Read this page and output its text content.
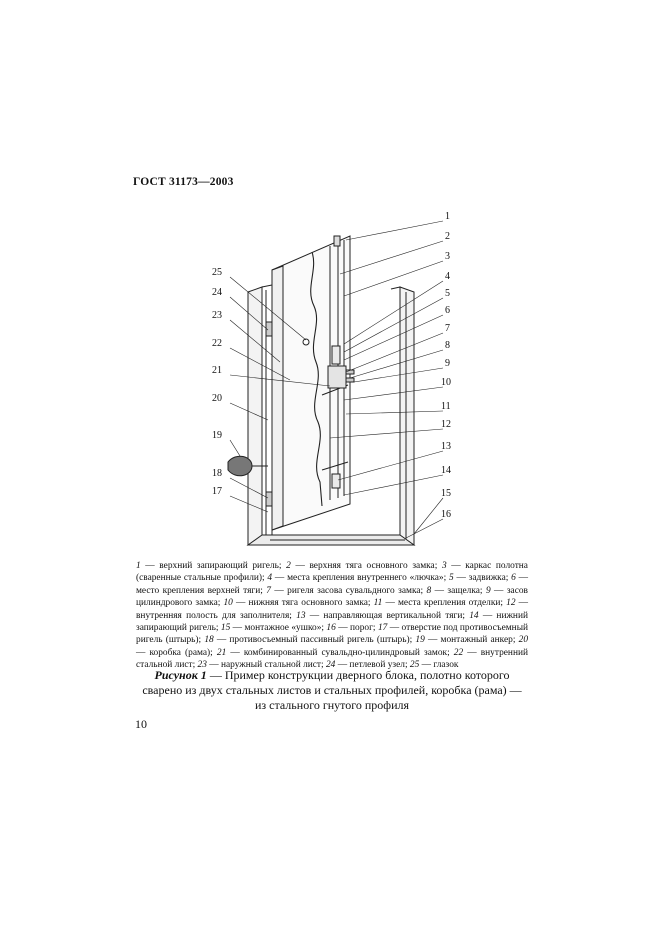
ГОСТ 31173—2003
1
2
3
4
5
6
7
8
9
10
11
12
13
14
15
16
25
24
23
22
21
20
19
18
17
1 — верхний запирающий ригель; 2 — верхняя тяга основного замка; 3 — каркас полотна (сваренные стальные профили); 4 — места крепления внутреннего «лючка»; 5 — задвижка; 6 — место крепления верхней тяги; 7 — ригеля засова сувальдного замка; 8 — защелка; 9 — засов цилиндрового замка; 10 — нижняя тяга основного замка; 11 — места крепления отделки; 12 — внутренняя полость для заполнителя; 13 — направляющая вертикальной тяги; 14 — нижний запирающий ригель; 15 — монтажное «ушко»; 16 — порог; 17 — отверстие под противосъемный ригель (штырь); 18 — противосъемный пассивный ригель (штырь); 19 — монтажный анкер; 20 — коробка (рама); 21 — комбинированный сувальдно-цилиндровый замок; 22 — внутренний стальной лист; 23 — наружный стальной лист; 24 — петлевой узел; 25 — глазок
Рисунок 1 — Пример конструкции дверного блока, полотно которого сварено из двух стальных листов и стальных профилей, коробка (рама) — из стального гнутого профиля
10
